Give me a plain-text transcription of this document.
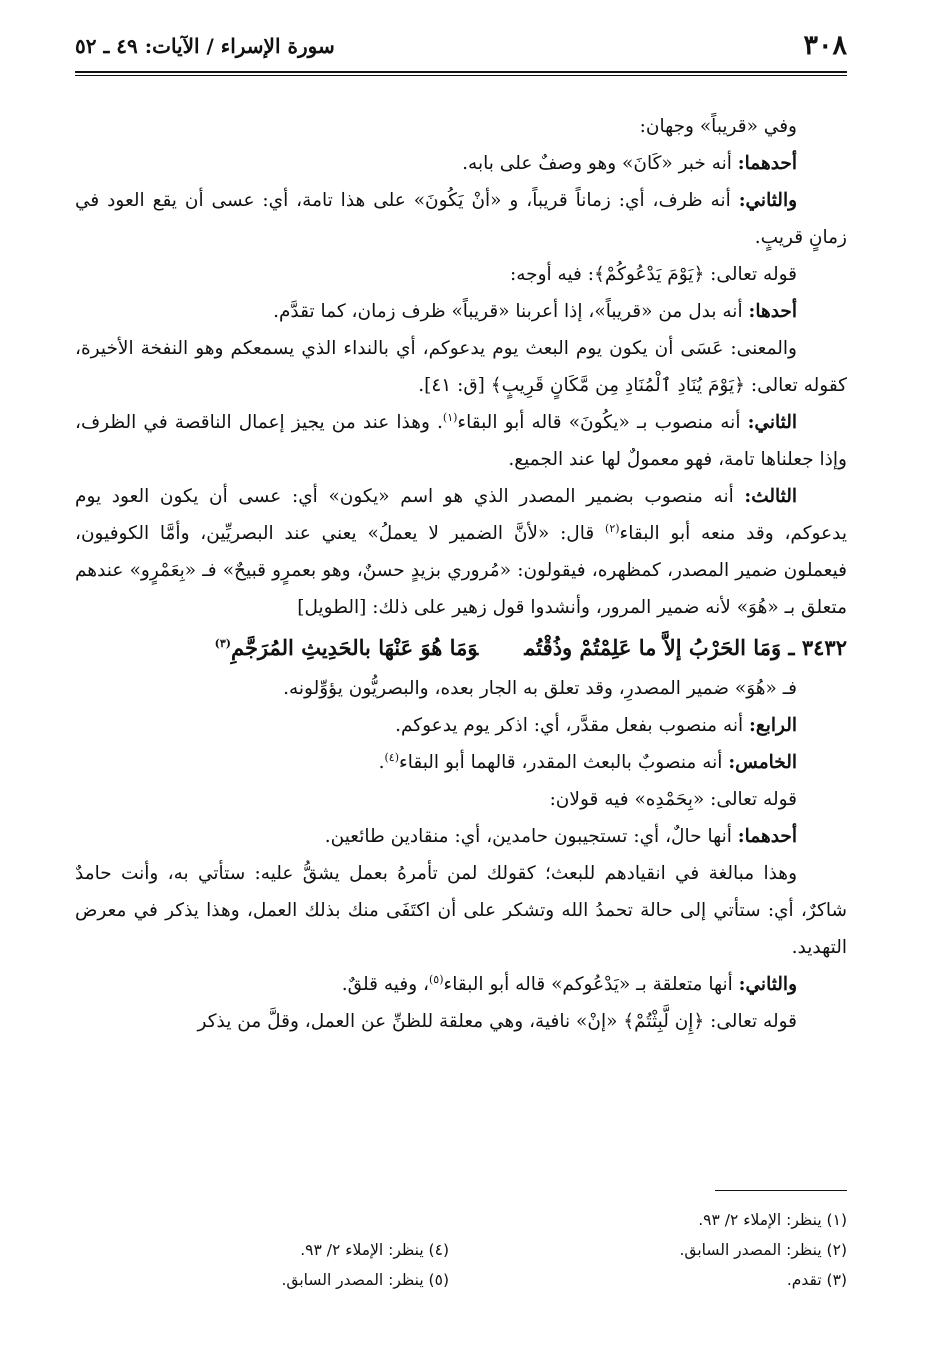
٣٠٨
سورة الإسراء / الآيات: ٤٩ ـ ٥٢

وفي «قريباً» وجهان:

أحدهما: أنه خبر «كَانَ» وهو وصفٌ على بابه.

والثاني: أنه ظرف، أي: زماناً قريباً، و «أنْ يَكُونَ» على هذا تامة، أي: عسى أن يقع العود في زمانٍ قريبٍ.

قوله تعالى: ﴿يَوْمَ يَدْعُوكُمْ﴾: فيه أوجه:

أحدها: أنه بدل من «قريباً»، إذا أعربنا «قريباً» ظرف زمان، كما تقدَّم.

والمعنى: عَسَى أن يكون يوم البعث يوم يدعوكم، أي بالنداء الذي يسمعكم وهو النفخة الأخيرة، كقوله تعالى: ﴿يَوْمَ يُنَادِ ٱلْمُنَادِ مِن مَّكَانٍ قَرِيبٍ﴾ [ق: ٤١].

الثاني: أنه منصوب بـ «يكُونَ» قاله أبو البقاء$^{(١)}$. وهذا عند من يجيز إعمال الناقصة في الظرف، وإذا جعلناها تامة، فهو معمولٌ لها عند الجميع.

الثالث: أنه منصوب بضمير المصدر الذي هو اسم «يكون» أي: عسى أن يكون العود يوم يدعوكم، وقد منعه أبو البقاء$^{(٢)}$ قال: «لأنَّ الضمير لا يعملُ» يعني عند البصريِّين، وأمَّا الكوفيون، فيعملون ضمير المصدر، كمظهره، فيقولون: «مُروري بزيدٍ حسنٌ، وهو بعمرٍو قبيحٌ» فـ «بِعَمْرٍو» عندهم متعلق بـ «هُوَ» لأنه ضمير المرور، وأنشدوا قول زهير على ذلك: [الطويل]

٣٤٣٢ ـ وَمَا الحَرْبُ إلاَّ ما عَلِمْتُمْ وذُقْتُموَمَا هُوَ عَنْهَا بالحَدِيثِ المُرَجَّمِ$^{(٣)}$

فـ «هُوَ» ضمير المصدرِ، وقد تعلق به الجار بعده، والبصريُّون يؤوِّلونه.

الرابع: أنه منصوب بفعل مقدَّر، أي: اذكر يوم يدعوكم.

الخامس: أنه منصوبٌ بالبعث المقدر، قالهما أبو البقاء$^{(٤)}$.

قوله تعالى: «بِحَمْدِه» فيه قولان:

أحدهما: أنها حالٌ، أي: تستجيبون حامدين، أي: منقادين طائعين.

وهذا مبالغة في انقيادهم للبعث؛ كقولك لمن تأمرهُ بعمل يشقُّ عليه: ستأتي به، وأنت حامدٌ شاكرٌ، أي: ستأتي إلى حالة تحمدُ الله وتشكر على أن اكتَفَى منك بذلك العمل، وهذا يذكر في معرض التهديد.

والثاني: أنها متعلقة بـ «يَدْعُوكم» قاله أبو البقاء$^{(٥)}$، وفيه قلقٌ.

قوله تعالى: ﴿إِن لَّبِثْتُمْ﴾ «إنْ» نافية، وهي معلقة للظنِّ عن العمل، وقلَّ من يذكر

(١) ينظر: الإملاء ٢/ ٩٣.
(٢) ينظر: المصدر السابق.
(٣) تقدم.
(٤) ينظر: الإملاء ٢/ ٩٣.
(٥) ينظر: المصدر السابق.
